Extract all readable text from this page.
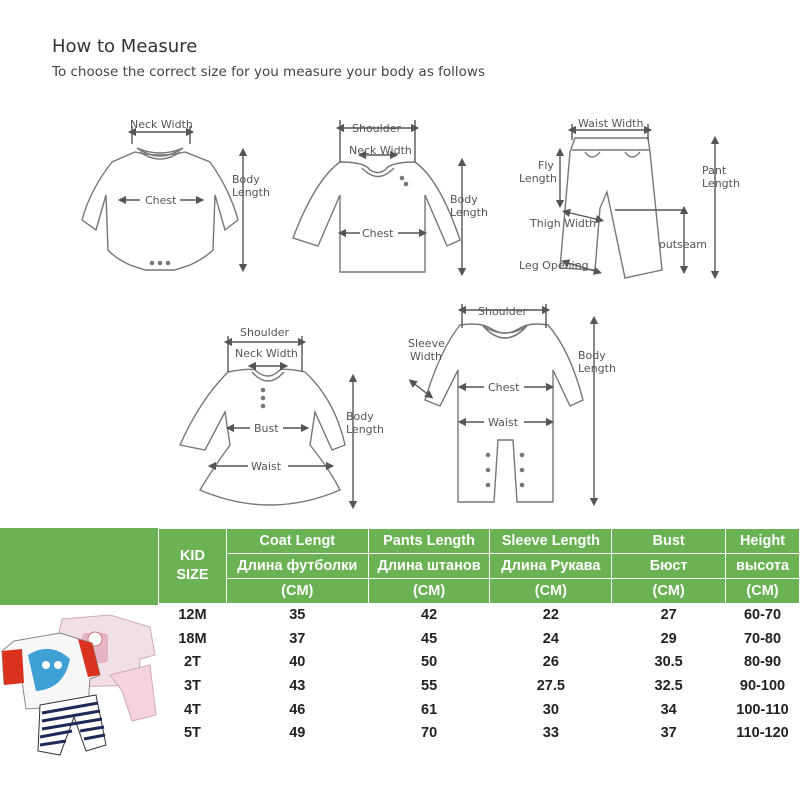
How to Measure
To choose the correct size for you measure your body as follows
Neck Width
Chest
Body
Length
Shoulder
Neck Width
Chest
Body
Length
Waist Width
Fly
Length
Pant
Length
Thigh Width
outseam
Leg Opening
Shoulder
Neck Width
Bust
Waist
Body
Length
Shoulder
Sleeve
Width
Chest
Waist
Body
Length
KID
SIZE	Coat Lengt	Pants Length	Sleeve Length	Bust	Height
	Длина футболки	Длина штанов	Длина Рукава	Бюст	высота
	(CM)	(CM)	(CM)	(CM)	(CM)
12M	35	42	22	27	60-70
18M	37	45	24	29	70-80
2T	40	50	26	30.5	80-90
3T	43	55	27.5	32.5	90-100
4T	46	61	30	34	100-110
5T	49	70	33	37	110-120
